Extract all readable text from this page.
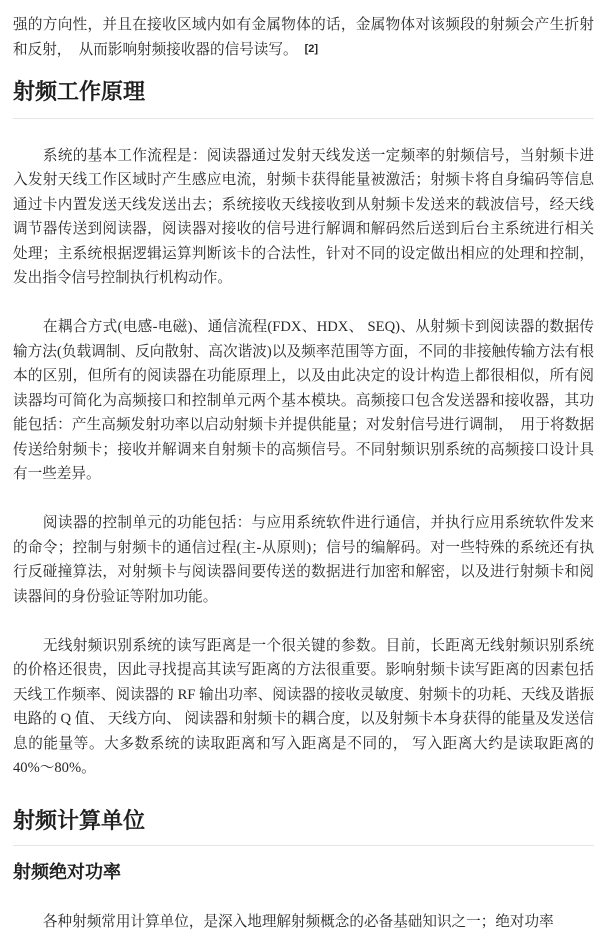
强的方向性，并且在接收区域内如有金属物体的话，金属物体对该频段的射频会产生折射和反射，　从而影响射频接收器的信号读写。 [2]

射频工作原理

系统的基本工作流程是：阅读器通过发射天线发送一定频率的射频信号，当射频卡进入发射天线工作区域时产生感应电流，射频卡获得能量被激活；射频卡将自身编码等信息通过卡内置发送天线发送出去；系统接收天线接收到从射频卡发送来的载波信号，经天线调节器传送到阅读器，阅读器对接收的信号进行解调和解码然后送到后台主系统进行相关处理；主系统根据逻辑运算判断该卡的合法性，针对不同的设定做出相应的处理和控制，发出指令信号控制执行机构动作。

在耦合方式(电感-电磁)、通信流程(FDX、HDX、 SEQ)、从射频卡到阅读器的数据传输方法(负载调制、反向散射、高次谐波)以及频率范围等方面，不同的非接触传输方法有根本的区别，但所有的阅读器在功能原理上，以及由此决定的设计构造上都很相似，所有阅读器均可简化为高频接口和控制单元两个基本模块。高频接口包含发送器和接收器，其功能包括：产生高频发射功率以启动射频卡并提供能量；对发射信号进行调制，　用于将数据传送给射频卡；接收并解调来自射频卡的高频信号。不同射频识别系统的高频接口设计具有一些差异。

阅读器的控制单元的功能包括：与应用系统软件进行通信，并执行应用系统软件发来的命令；控制与射频卡的通信过程(主-从原则)；信号的编解码。对一些特殊的系统还有执行反碰撞算法，对射频卡与阅读器间要传送的数据进行加密和解密，以及进行射频卡和阅读器间的身份验证等附加功能。

无线射频识别系统的读写距离是一个很关键的参数。目前，长距离无线射频识别系统的价格还很贵，因此寻找提高其读写距离的方法很重要。影响射频卡读写距离的因素包括天线工作频率、阅读器的 RF 输出功率、阅读器的接收灵敏度、射频卡的功耗、天线及谐振电路的 Q 值、 天线方向、 阅读器和射频卡的耦合度，以及射频卡本身获得的能量及发送信息的能量等。大多数系统的读取距离和写入距离是不同的， 写入距离大约是读取距离的40%～80%。

射频计算单位
射频绝对功率

各种射频常用计算单位，是深入地理解射频概念的必备基础知识之一；绝对功率
